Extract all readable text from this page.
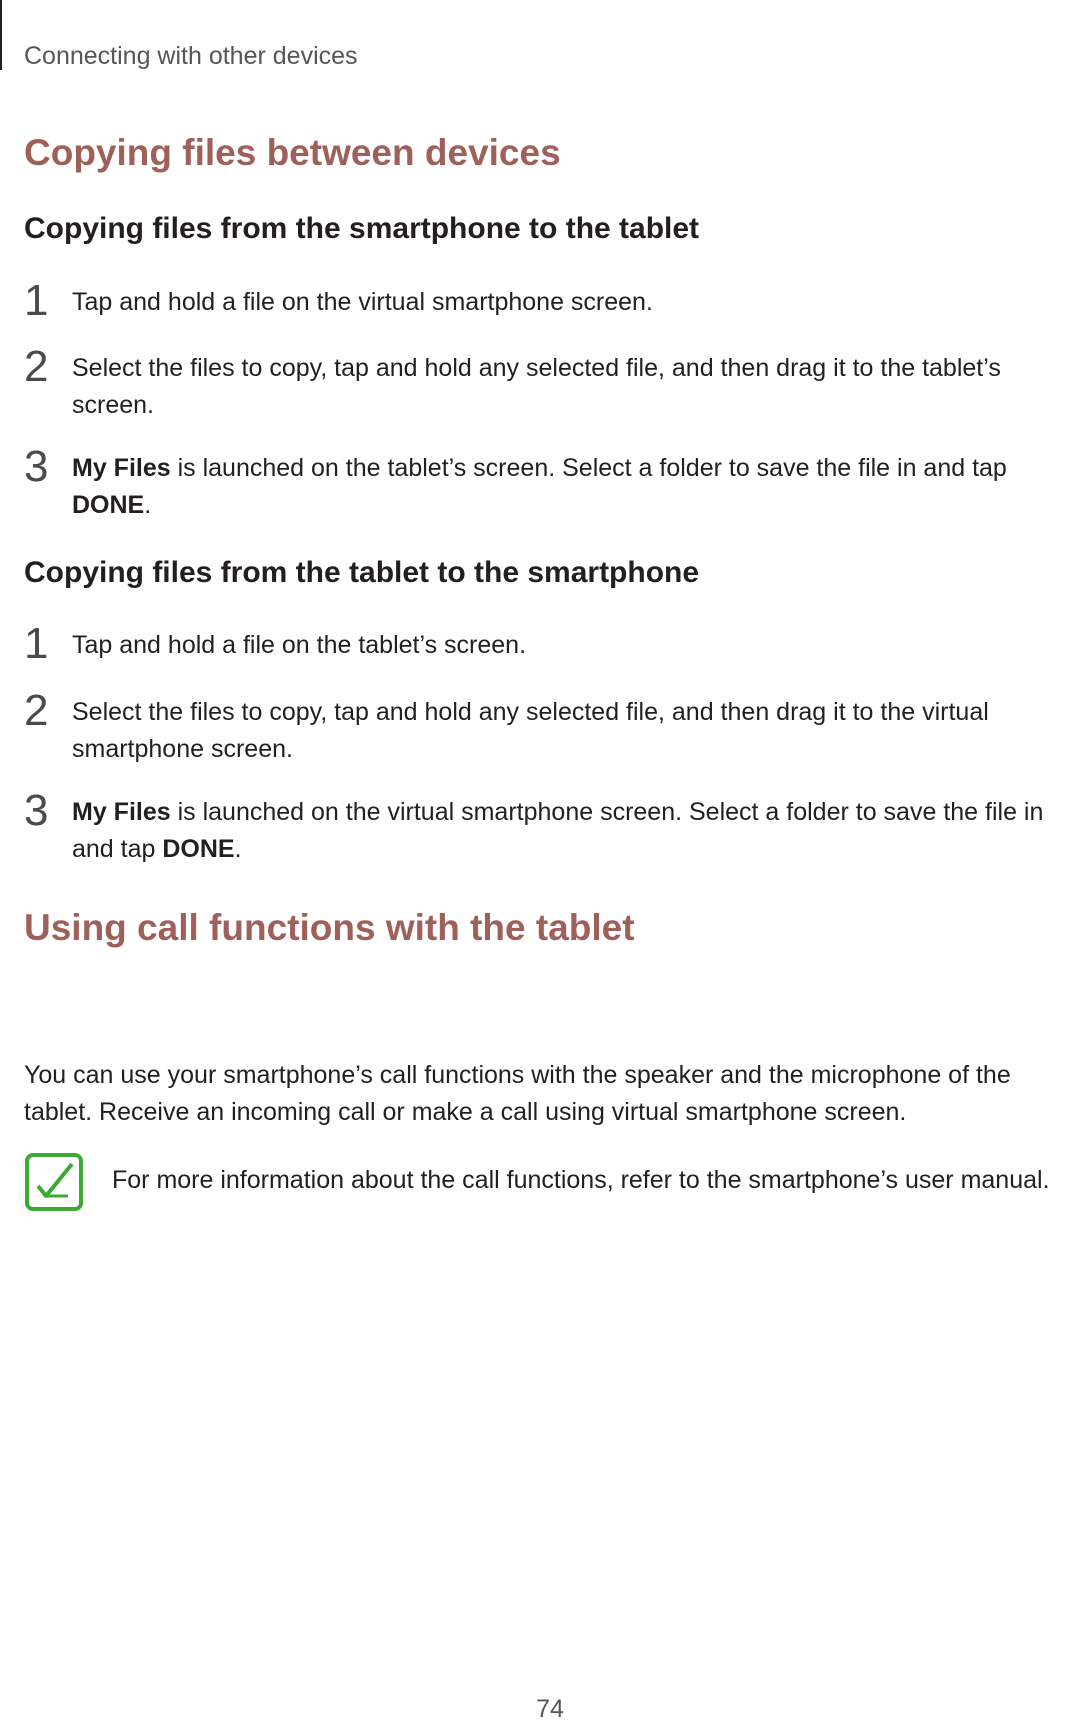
Connecting with other devices
Copying files between devices
Copying files from the smartphone to the tablet
1 Tap and hold a file on the virtual smartphone screen.
2 Select the files to copy, tap and hold any selected file, and then drag it to the tablet’s screen.
3 My Files is launched on the tablet’s screen. Select a folder to save the file in and tap DONE.
Copying files from the tablet to the smartphone
1 Tap and hold a file on the tablet’s screen.
2 Select the files to copy, tap and hold any selected file, and then drag it to the virtual smartphone screen.
3 My Files is launched on the virtual smartphone screen. Select a folder to save the file in and tap DONE.
Using call functions with the tablet
You can use your smartphone’s call functions with the speaker and the microphone of the tablet. Receive an incoming call or make a call using virtual smartphone screen.
For more information about the call functions, refer to the smartphone’s user manual.
74
